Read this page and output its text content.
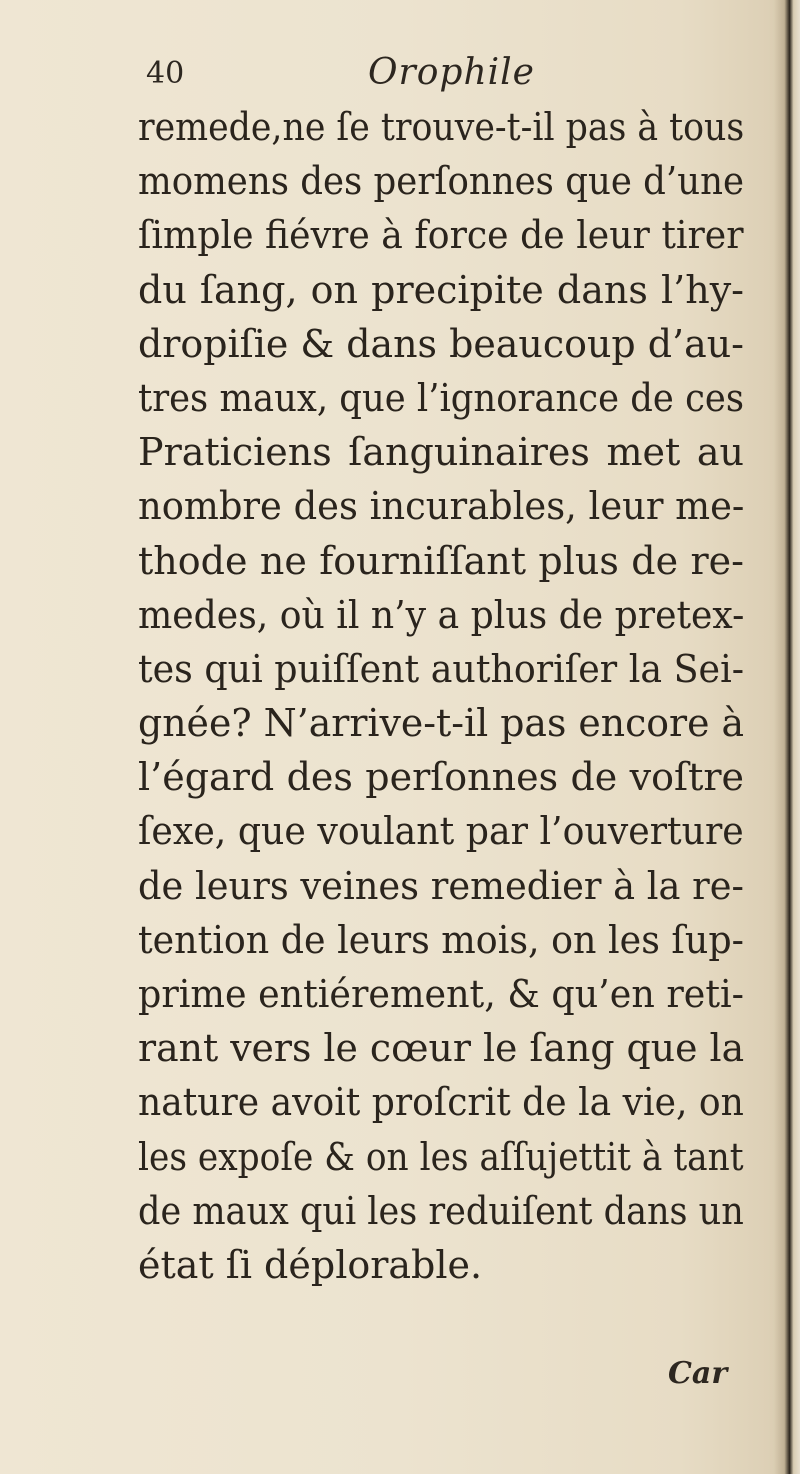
40	Orophile
remede,ne ſe trouve-t-il pas à tous
momens des perſonnes que d’une
ſimple fiévre à force de leur tirer
du ſang, on precipite dans l’hy-
dropiſie & dans beaucoup d’au-
tres maux, que l’ignorance de ces
Praticiens ſanguinaires met au
nombre des incurables, leur me-
thode ne fourniſſant plus de re-
medes, où il n’y a plus de pretex-
tes qui puiſſent authoriſer la Sei-
gnée? N’arrive-t-il pas encore à
l’égard des perſonnes de voſtre
ſexe, que voulant par l’ouverture
de leurs veines remedier à la re-
tention de leurs mois, on les ſup-
prime entiérement, & qu’en reti-
rant vers le cœur le ſang que la
nature avoit proſcrit de la vie, on
les expoſe & on les aſſujettit à tant
de maux qui les reduiſent dans un
état ſi déplorable.
Car
